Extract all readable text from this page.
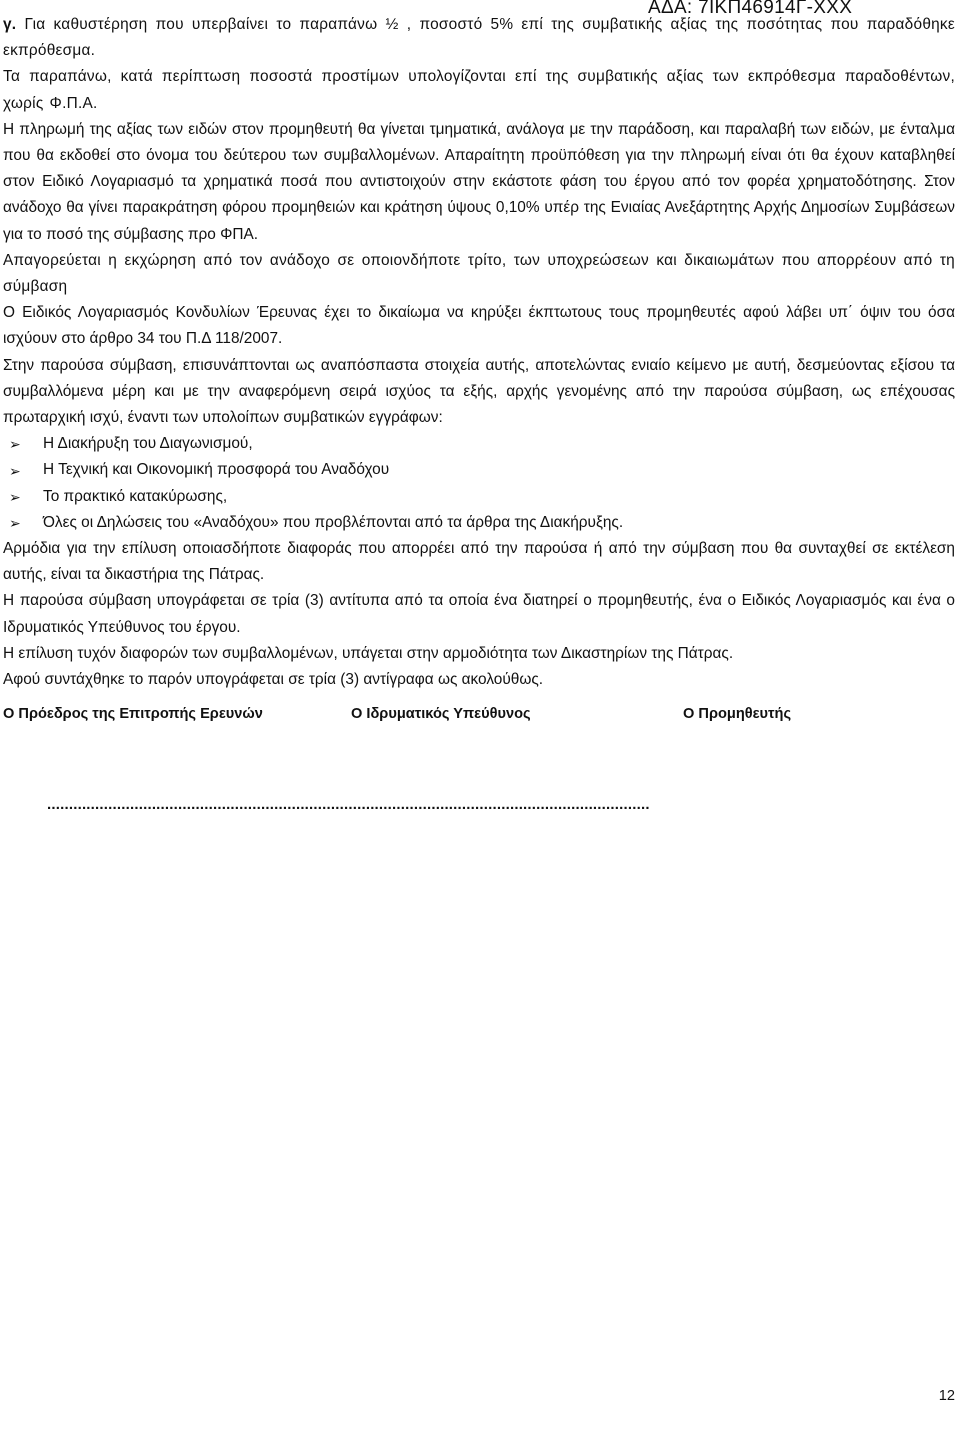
ΑΔΑ: 7ΙΚΠ46914Γ-ΧΧΧ

γ. Για καθυστέρηση που υπερβαίνει το παραπάνω ½ , ποσοστό 5% επί της συμβατικής αξίας της ποσότητας που παραδόθηκε εκπρόθεσμα.

Τα παραπάνω, κατά περίπτωση ποσοστά προστίμων υπολογίζονται επί της συμβατικής αξίας των εκπρόθεσμα παραδοθέντων, χωρίς Φ.Π.Α.

Η πληρωμή της αξίας των ειδών στον προμηθευτή θα γίνεται τμηματικά, ανάλογα με την παράδοση, και παραλαβή των ειδών, με ένταλμα που θα εκδοθεί στο όνομα του δεύτερου των συμβαλλομένων. Απαραίτητη προϋπόθεση για την πληρωμή είναι ότι θα έχουν καταβληθεί στον Ειδικό Λογαριασμό τα χρηματικά ποσά που αντιστοιχούν στην εκάστοτε φάση του έργου από τον φορέα χρηματοδότησης. Στον ανάδοχο θα γίνει παρακράτηση φόρου προμηθειών και κράτηση ύψους 0,10% υπέρ της Ενιαίας Ανεξάρτητης Αρχής Δημοσίων Συμβάσεων για το ποσό της σύμβασης προ ΦΠΑ.

Απαγορεύεται η εκχώρηση από τον ανάδοχο σε οποιονδήποτε τρίτο, των υποχρεώσεων και δικαιωμάτων που απορρέουν από τη σύμβαση

Ο Ειδικός Λογαριασμός Κονδυλίων Έρευνας έχει το δικαίωμα να κηρύξει έκπτωτους τους προμηθευτές αφού λάβει υπ΄ όψιν του όσα ισχύουν στο άρθρο 34 του Π.Δ 118/2007.

Στην παρούσα σύμβαση, επισυνάπτονται ως αναπόσπαστα στοιχεία αυτής, αποτελώντας ενιαίο κείμενο με αυτή, δεσμεύοντας εξίσου τα συμβαλλόμενα μέρη και με την αναφερόμενη σειρά ισχύος τα εξής, αρχής γενομένης από την παρούσα σύμβαση, ως επέχουσας πρωταρχική ισχύ, έναντι των υπολοίπων συμβατικών εγγράφων:

➢	Η Διακήρυξη του Διαγωνισμού,
➢	Η Τεχνική και Οικονομική προσφορά του Αναδόχου
➢	Το πρακτικό κατακύρωσης,
➢	Όλες οι Δηλώσεις του «Αναδόχου» που προβλέπονται από τα άρθρα της Διακήρυξης.

Αρμόδια για την επίλυση οποιασδήποτε διαφοράς που απορρέει από την παρούσα ή από την σύμβαση που θα συνταχθεί σε εκτέλεση αυτής, είναι τα δικαστήρια της Πάτρας.

Η παρούσα σύμβαση υπογράφεται σε τρία (3) αντίτυπα από τα οποία ένα διατηρεί ο προμηθευτής, ένα ο Ειδικός Λογαριασμός και ένα ο Ιδρυματικός Υπεύθυνος του έργου.

Η επίλυση τυχόν διαφορών των συμβαλλομένων, υπάγεται στην αρμοδιότητα των Δικαστηρίων της Πάτρας.

Αφού συντάχθηκε το παρόν υπογράφεται σε τρία (3) αντίγραφα ως ακολούθως.

Ο Πρόεδρος της Επιτροπής Ερευνών	Ο Ιδρυματικός Υπεύθυνος	Ο Προμηθευτής
..........................................................................................................................................
12
